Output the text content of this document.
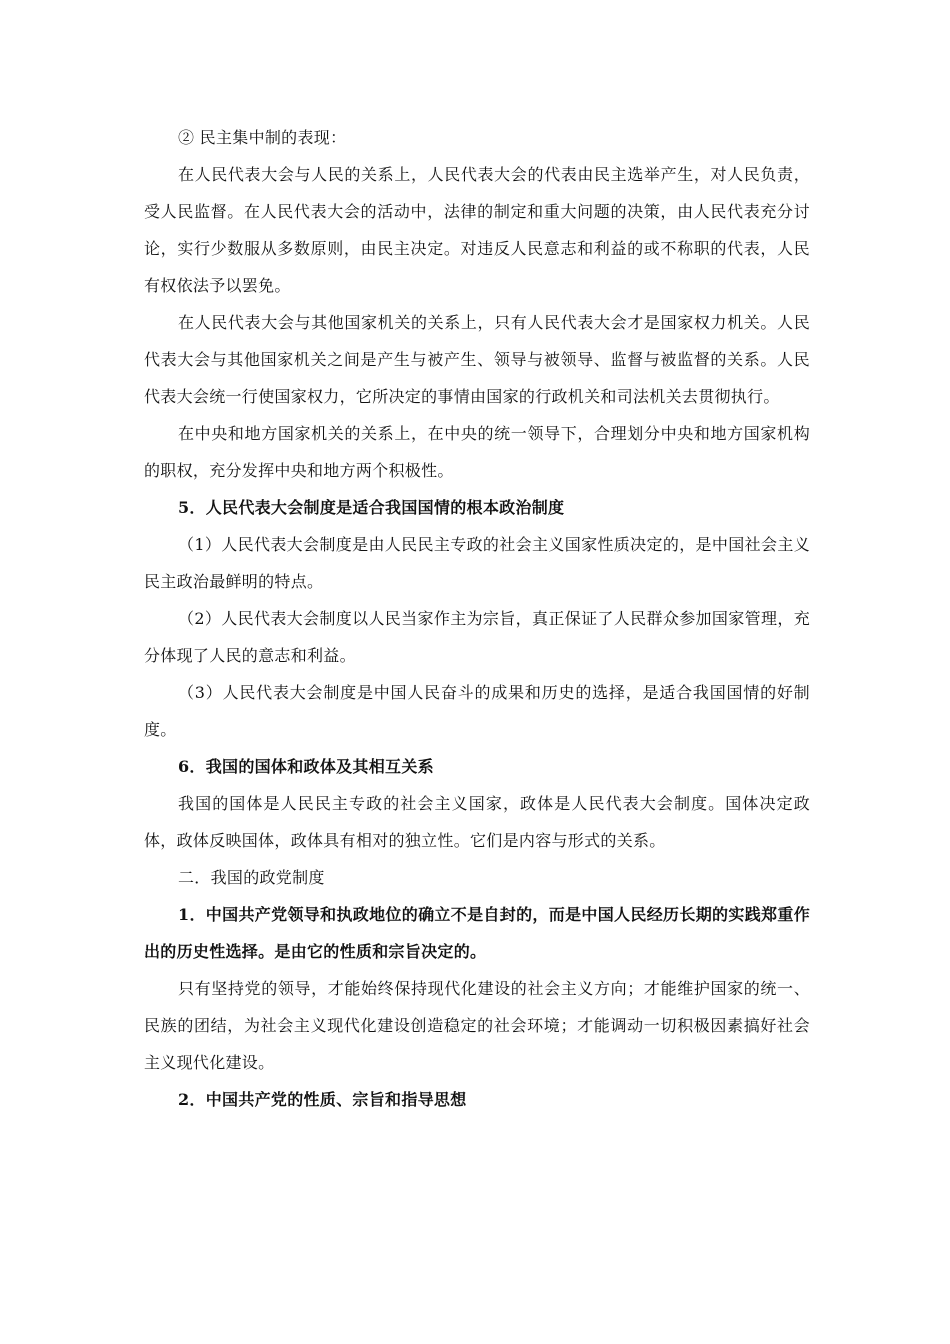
② 民主集中制的表现：

在人民代表大会与人民的关系上，人民代表大会的代表由民主选举产生，对人民负责，受人民监督。在人民代表大会的活动中，法律的制定和重大问题的决策，由人民代表充分讨论，实行少数服从多数原则，由民主决定。对违反人民意志和利益的或不称职的代表，人民有权依法予以罢免。

在人民代表大会与其他国家机关的关系上，只有人民代表大会才是国家权力机关。人民代表大会与其他国家机关之间是产生与被产生、领导与被领导、监督与被监督的关系。人民代表大会统一行使国家权力，它所决定的事情由国家的行政机关和司法机关去贯彻执行。

在中央和地方国家机关的关系上，在中央的统一领导下，合理划分中央和地方国家机构的职权，充分发挥中央和地方两个积极性。

5．人民代表大会制度是适合我国国情的根本政治制度

（1）人民代表大会制度是由人民民主专政的社会主义国家性质决定的，是中国社会主义民主政治最鲜明的特点。

（2）人民代表大会制度以人民当家作主为宗旨，真正保证了人民群众参加国家管理，充分体现了人民的意志和利益。

（3）人民代表大会制度是中国人民奋斗的成果和历史的选择，是适合我国国情的好制度。

6．我国的国体和政体及其相互关系

我国的国体是人民民主专政的社会主义国家，政体是人民代表大会制度。国体决定政体，政体反映国体，政体具有相对的独立性。它们是内容与形式的关系。

二．我国的政党制度

1．中国共产党领导和执政地位的确立不是自封的，而是中国人民经历长期的实践郑重作出的历史性选择。是由它的性质和宗旨决定的。

只有坚持党的领导，才能始终保持现代化建设的社会主义方向；才能维护国家的统一、民族的团结，为社会主义现代化建设创造稳定的社会环境；才能调动一切积极因素搞好社会主义现代化建设。

2．中国共产党的性质、宗旨和指导思想
